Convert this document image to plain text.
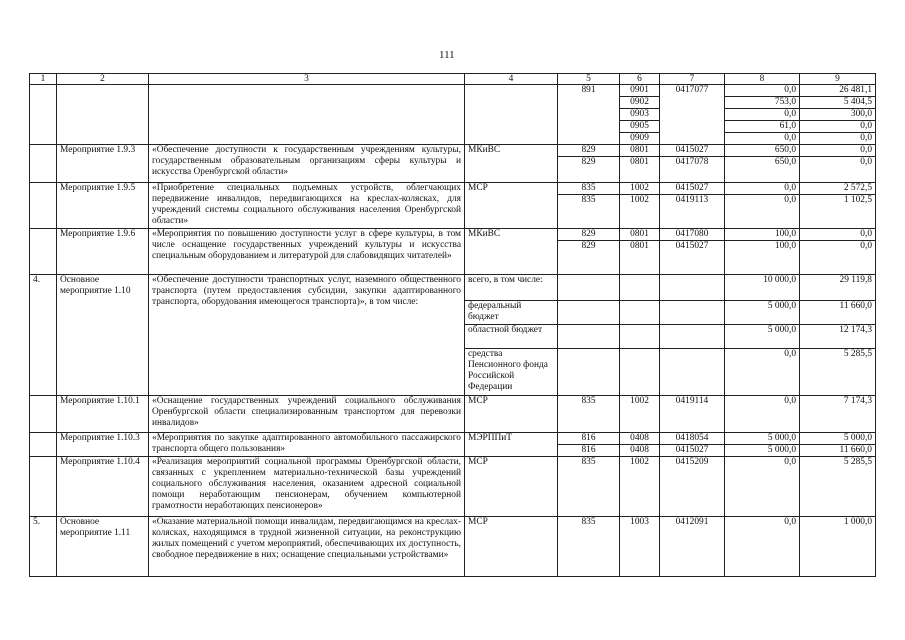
111
1	2	3	4	5	6	7	8	9
				891	0901	0417077	0,0	26 481,1
					0902		753,0	5 404,5
					0903		0,0	300,0
					0905		61,0	0,0
					0909		0,0	0,0
	Мероприятие 1.9.3	«Обеспечение доступности к государственным учреждениям культуры, государственным образовательным организациям сферы культуры и искусства Оренбургской области»	МКиВС	829	0801	0415027	650,0	0,0
				829	0801	0417078	650,0	0,0
	Мероприятие 1.9.5	«Приобретение специальных подъемных устройств, облегчающих передвижение инвалидов, передвигающихся на креслах-колясках, для учреждений системы социального обслуживания населения Оренбургской области»	МСР	835	1002	0415027	0,0	2 572,5
				835	1002	0419113	0,0	1 102,5
	Мероприятие 1.9.6	«Мероприятия по повышению доступности услуг в сфере культуры, в том числе оснащение государственных учреждений культуры и искусства специальным оборудованием и литературой для слабовидящих читателей»	МКиВС	829	0801	0417080	100,0	0,0
				829	0801	0415027	100,0	0,0
4.	Основное мероприятие 1.10	«Обеспечение доступности транспортных услуг, наземного общественного транспорта (путем предоставления субсидии, закупки адаптированного транспорта, оборудования имеющегося транспорта)», в том числе:	всего, в том числе:				10 000,0	29 119,8
			федеральный бюджет				5 000,0	11 660,0
			областной бюджет				5 000,0	12 174,3
			средства Пенсионного фонда Российской Федерации				0,0	5 285,5
	Мероприятие 1.10.1	«Оснащение государственных учреждений социального обслуживания Оренбургской области специализированным транспортом для перевозки инвалидов»	МСР	835	1002	0419114	0,0	7 174,3
	Мероприятие 1.10.3	«Мероприятия по закупке адаптированного автомобильного пассажирского транспорта общего пользования»	МЭРППиТ	816	0408	0418054	5 000,0	5 000,0
				816	0408	0415027	5 000,0	11 660,0
	Мероприятие 1.10.4	«Реализация мероприятий социальной программы Оренбургской области, связанных с укреплением материально-технической базы учреждений социального обслуживания населения, оказанием адресной социальной помощи неработающим пенсионерам, обучением компьютерной грамотности неработающих пенсионеров»	МСР	835	1002	0415209	0,0	5 285,5
5.	Основное мероприятие 1.11	«Оказание материальной помощи инвалидам, передвигающимся на креслах-колясках, находящимся в трудной жизненной ситуации, на реконструкцию жилых помещений с учетом мероприятий, обеспечивающих их доступность, свободное передвижение в них; оснащение специальными устройствами»	МСР	835	1003	0412091	0,0	1 000,0
